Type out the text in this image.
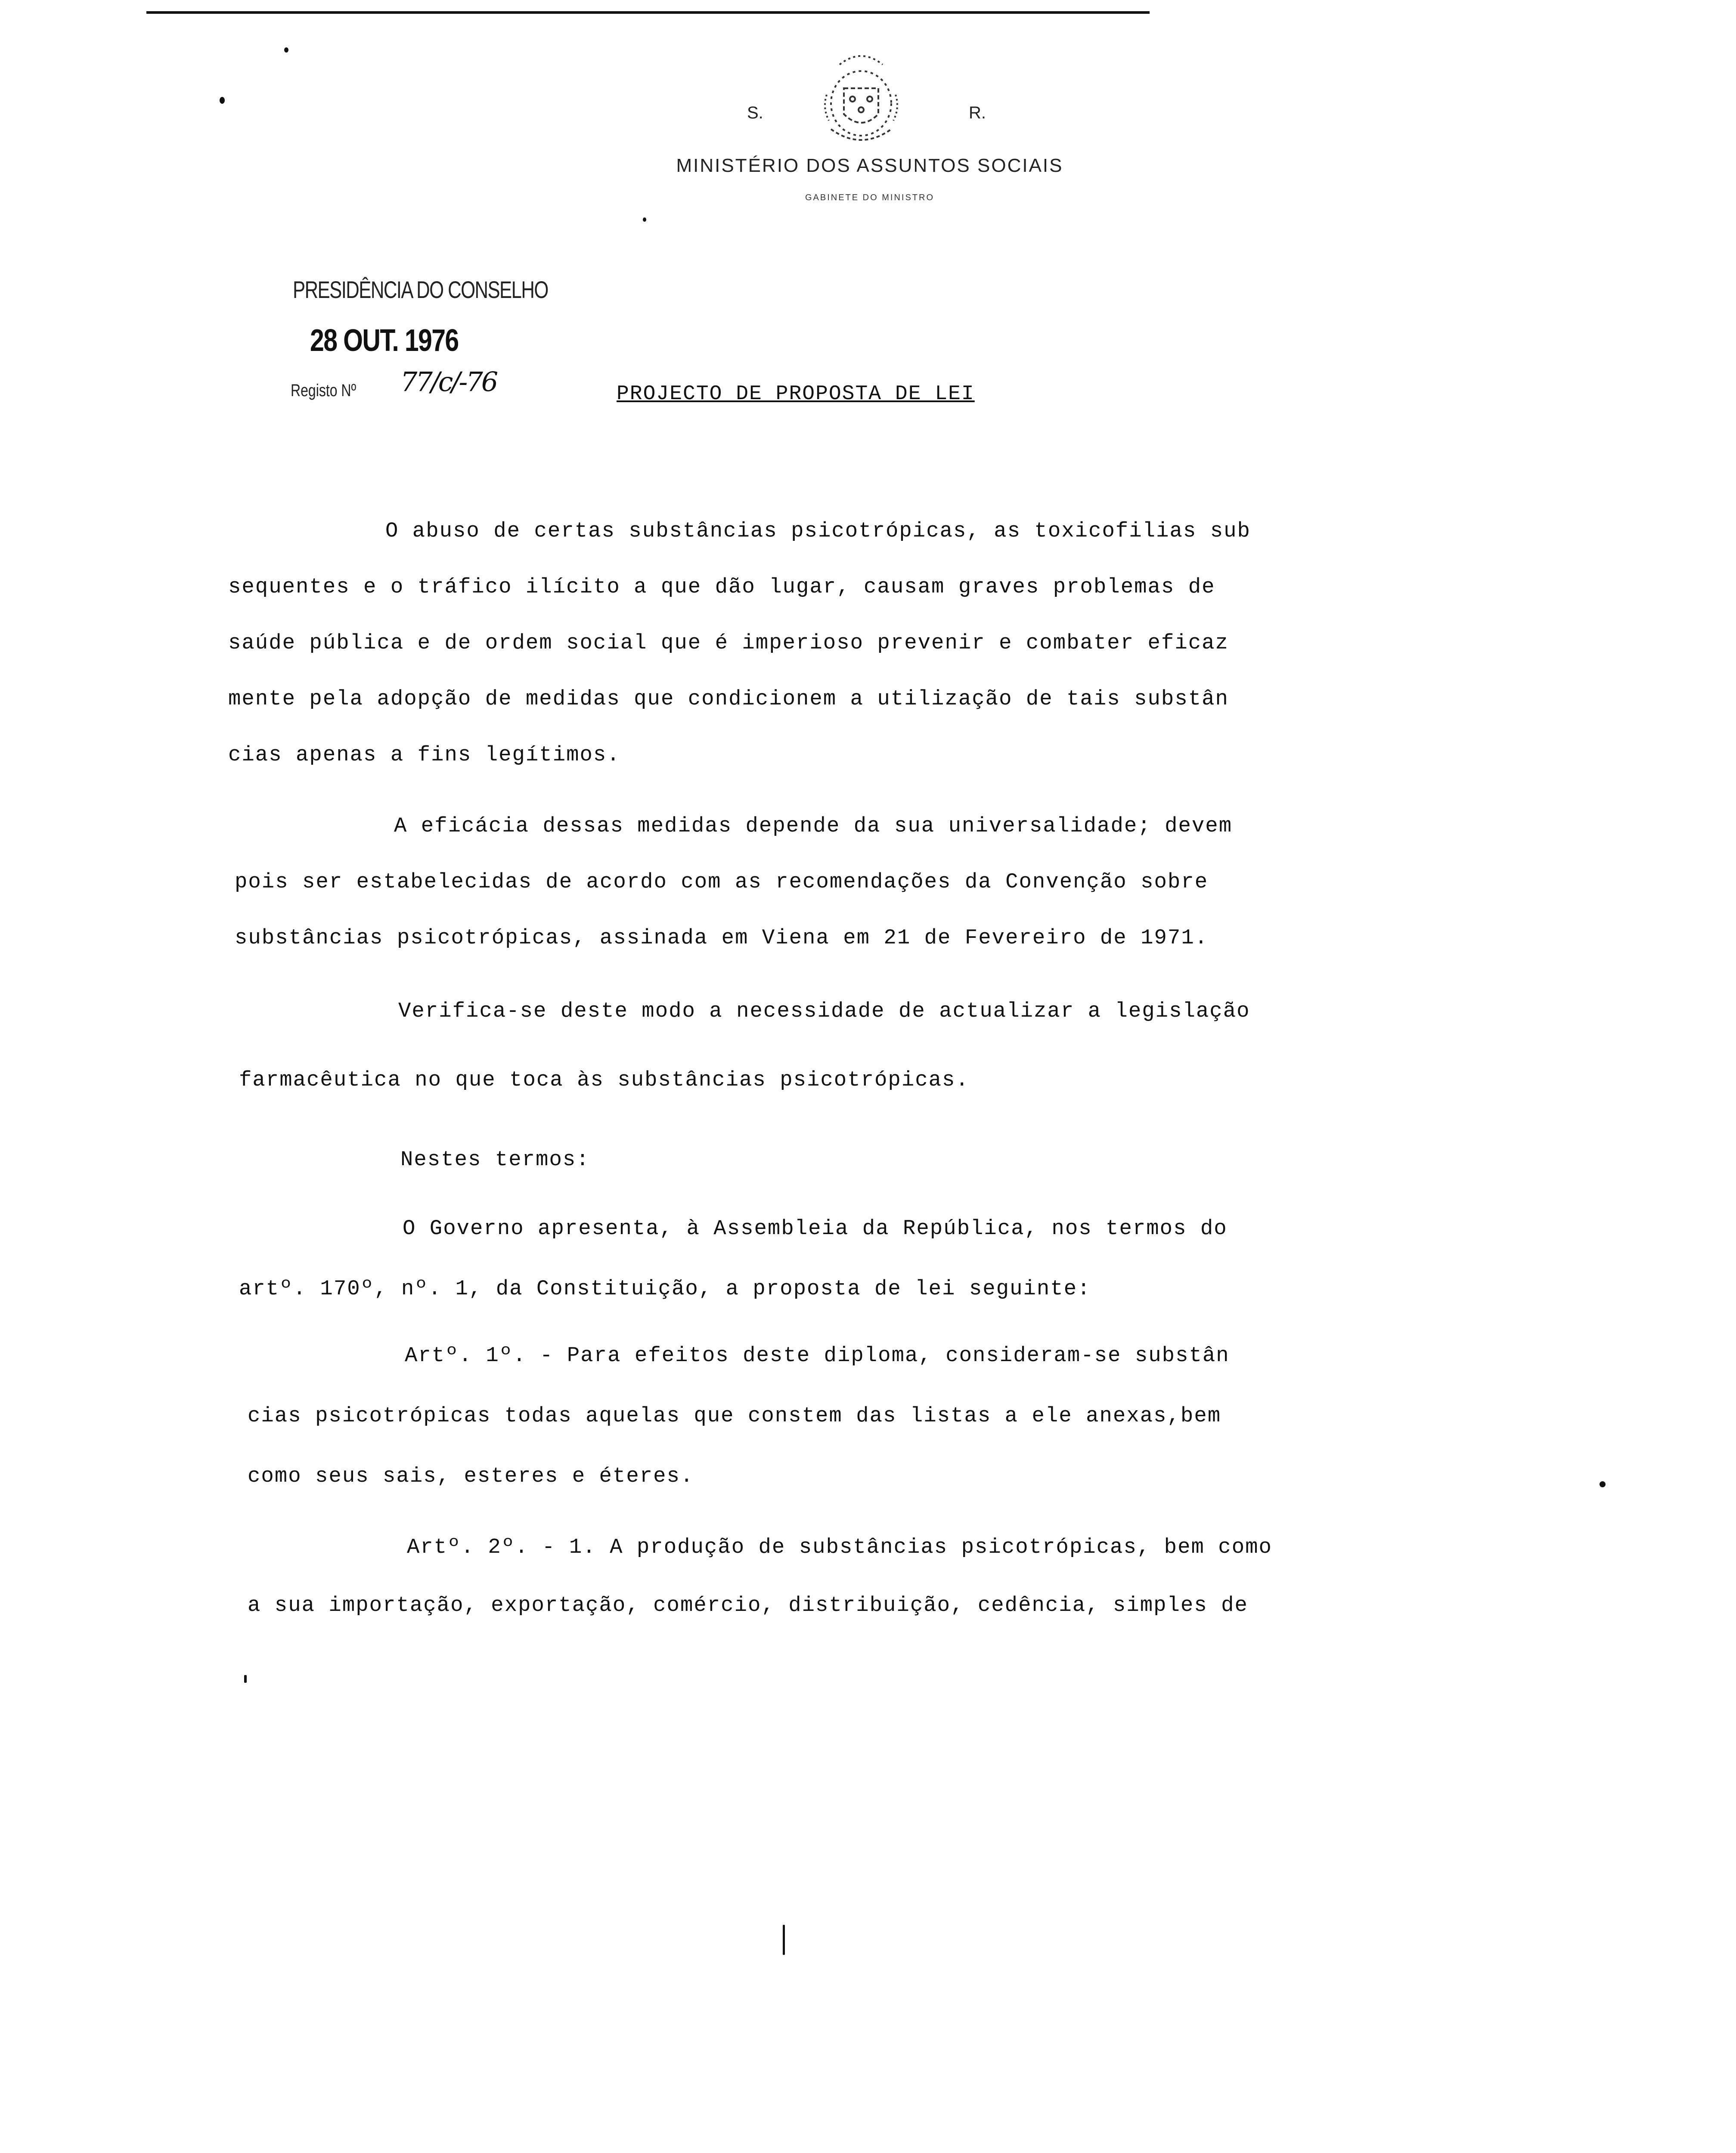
S.	R.
MINISTÉRIO DOS ASSUNTOS SOCIAIS
GABINETE DO MINISTRO
PRESIDÊNCIA DO CONSELHO
28 OUT. 1976
Registo Nº 77/c/-76	PROJECTO DE PROPOSTA DE LEI
O abuso de certas substâncias psicotrópicas, as toxicofilias sub
sequentes e o tráfico ilícito a que dão lugar, causam graves problemas de
saúde pública e de ordem social que é imperioso prevenir e combater eficaz
mente pela adopção de medidas que condicionem a utilização de tais substân
cias apenas a fins legítimos.
A eficácia dessas medidas depende da sua universalidade; devem
pois ser estabelecidas de acordo com as recomendações da Convenção sobre
substâncias psicotrópicas, assinada em Viena em 21 de Fevereiro de 1971.
Verifica-se deste modo a necessidade de actualizar a legislação
farmacêutica no que toca às substâncias psicotrópicas.
Nestes termos:
O Governo apresenta, à Assembleia da República, nos termos do
artº. 170º, nº. 1, da Constituição, a proposta de lei seguinte:
Artº. 1º. - Para efeitos deste diploma, consideram-se substân
cias psicotrópicas todas aquelas que constem das listas a ele anexas,bem
como seus sais, esteres e éteres.
Artº. 2º. - 1. A produção de substâncias psicotrópicas, bem como
a sua importação, exportação, comércio, distribuição, cedência, simples de
